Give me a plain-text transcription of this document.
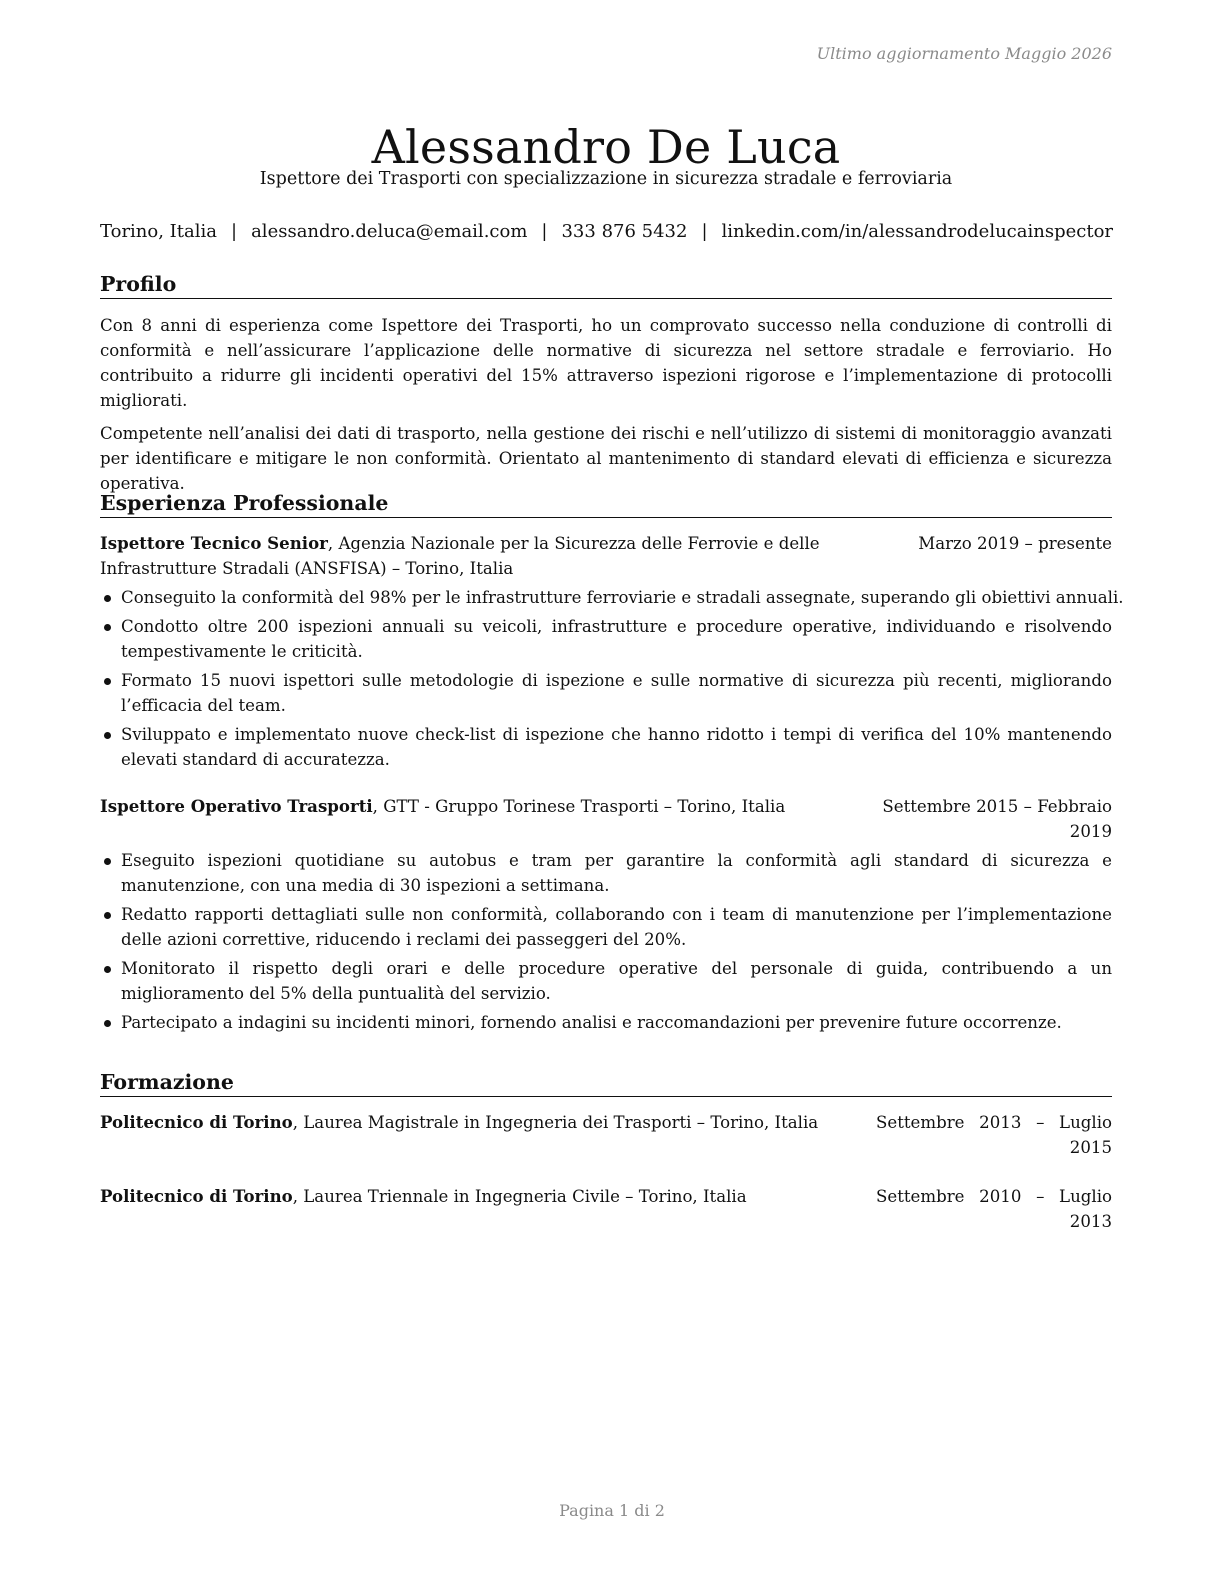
Ultimo aggiornamento Maggio 2026
Alessandro De Luca
Ispettore dei Trasporti con specializzazione in sicurezza stradale e ferroviaria
Torino, Italia | alessandro.deluca@email.com | 333 876 5432 | linkedin.com/in/alessandrodelucainspector
Profilo

Con 8 anni di esperienza come Ispettore dei Trasporti, ho un comprovato successo nella conduzione di controlli di conformità e nell’assicurare l’applicazione delle normative di sicurezza nel settore stradale e ferroviario. Ho contribuito a ridurre gli incidenti operativi del 15% attraverso ispezioni rigorose e l’implementazione di protocolli migliorati.

Competente nell’analisi dei dati di trasporto, nella gestione dei rischi e nell’utilizzo di sistemi di monitoraggio avanzati per identificare e mitigare le non conformità. Orientato al mantenimento di standard elevati di efficienza e sicurezza operativa.

Esperienza Professionale
Ispettore Tecnico Senior, Agenzia Nazionale per la Sicurezza delle Ferrovie e delle Infrastrutture Stradali (ANSFISA) – Torino, Italia
Marzo 2019 – presente
Conseguito la conformità del 98% per le infrastrutture ferroviarie e stradali assegnate, superando gli obiettivi annuali.
Condotto oltre 200 ispezioni annuali su veicoli, infrastrutture e procedure operative, individuando e risolvendo tempestivamente le criticità.
Formato 15 nuovi ispettori sulle metodologie di ispezione e sulle normative di sicurezza più recenti, migliorando l’efficacia del team.
Sviluppato e implementato nuove check-list di ispezione che hanno ridotto i tempi di verifica del 10% mantenendo elevati standard di accuratezza.
Ispettore Operativo Trasporti, GTT - Gruppo Torinese Trasporti – Torino, Italia	Settembre 2015 – Febbraio 2019
Eseguito ispezioni quotidiane su autobus e tram per garantire la conformità agli standard di sicurezza e manutenzione, con una media di 30 ispezioni a settimana.
Redatto rapporti dettagliati sulle non conformità, collaborando con i team di manutenzione per l’implementazione delle azioni correttive, riducendo i reclami dei passeggeri del 20%.
Monitorato il rispetto degli orari e delle procedure operative del personale di guida, contribuendo a un miglioramento del 5% della puntualità del servizio.
Partecipato a indagini su incidenti minori, fornendo analisi e raccomandazioni per prevenire future occorrenze.
Formazione
Politecnico di Torino, Laurea Magistrale in Ingegneria dei Trasporti – Torino, Italia	Settembre 2013 – Luglio 2015
Politecnico di Torino, Laurea Triennale in Ingegneria Civile – Torino, Italia	Settembre 2010 – Luglio 2013
Pagina 1 di 2
